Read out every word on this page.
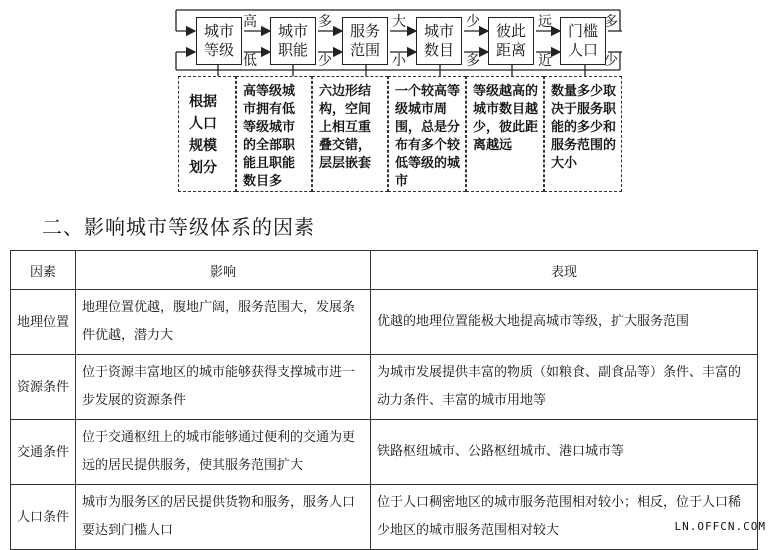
城市等级
城市职能
服务范围
城市数目
彼此距离
门槛人口
高	多	大	少	远	多
低	少	小	多	近	少
根据人口规模划分
高等级城市拥有低等级城市的全部职能且职能数目多
六边形结构，空间上相互重叠交错，层层嵌套
一个较高等级城市周围，总是分布有多个较低等级的城市
等级越高的城市数目越少，彼此距离越远
数量多少取决于服务职能的多少和服务范围的大小
二、影响城市等级体系的因素
因素	影响	表现
地理位置	地理位置优越，腹地广阔，服务范围大，发展条件优越，潜力大	优越的地理位置能极大地提高城市等级，扩大服务范围
资源条件	位于资源丰富地区的城市能够获得支撑城市进一步发展的资源条件	为城市发展提供丰富的物质（如粮食、副食品等）条件、丰富的动力条件、丰富的城市用地等
交通条件	位于交通枢纽上的城市能够通过便利的交通为更远的居民提供服务，使其服务范围扩大	铁路枢纽城市、公路枢纽城市、港口城市等
人口条件	城市为服务区的居民提供货物和服务，服务人口要达到门槛人口	位于人口稠密地区的城市服务范围相对较小；相反，位于人口稀少地区的城市服务范围相对较大	LN.OFFCN.COM
